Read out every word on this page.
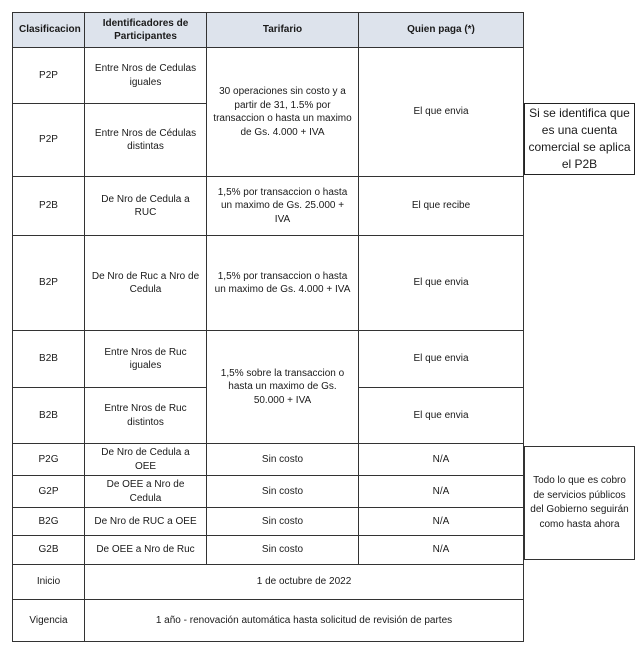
Clasificacion	Identificadores de Participantes	Tarifario	Quien paga (*)
P2P	Entre Nros de Cedulas iguales	30 operaciones sin costo y a partir de 31, 1.5% por transaccion o hasta un maximo de Gs. 4.000 + IVA	El que envia
P2P	Entre Nros de Cédulas distintas		
P2B	De Nro de Cedula a RUC	1,5% por transaccion o hasta un maximo de Gs. 25.000 + IVA	El que recibe
B2P	De Nro de Ruc a Nro de Cedula	1,5% por transaccion o hasta un maximo de Gs. 4.000 + IVA	El que envia
B2B	Entre Nros de Ruc iguales	1,5% sobre la transaccion o hasta un maximo de Gs. 50.000 + IVA	El que envia
B2B	Entre Nros de Ruc distintos		El que envia
P2G	De Nro de Cedula a OEE	Sin costo	N/A
G2P	De OEE a Nro de Cedula	Sin costo	N/A
B2G	De Nro de RUC a OEE	Sin costo	N/A
G2B	De OEE a Nro de Ruc	Sin costo	N/A
Inicio	1 de octubre de 2022		
Vigencia	1 año - renovación automática hasta solicitud de revisión de partes		
Si se identifica que es una cuenta comercial se aplica el P2B
Todo lo que es cobro de servicios públicos del Gobierno seguirán como hasta ahora
